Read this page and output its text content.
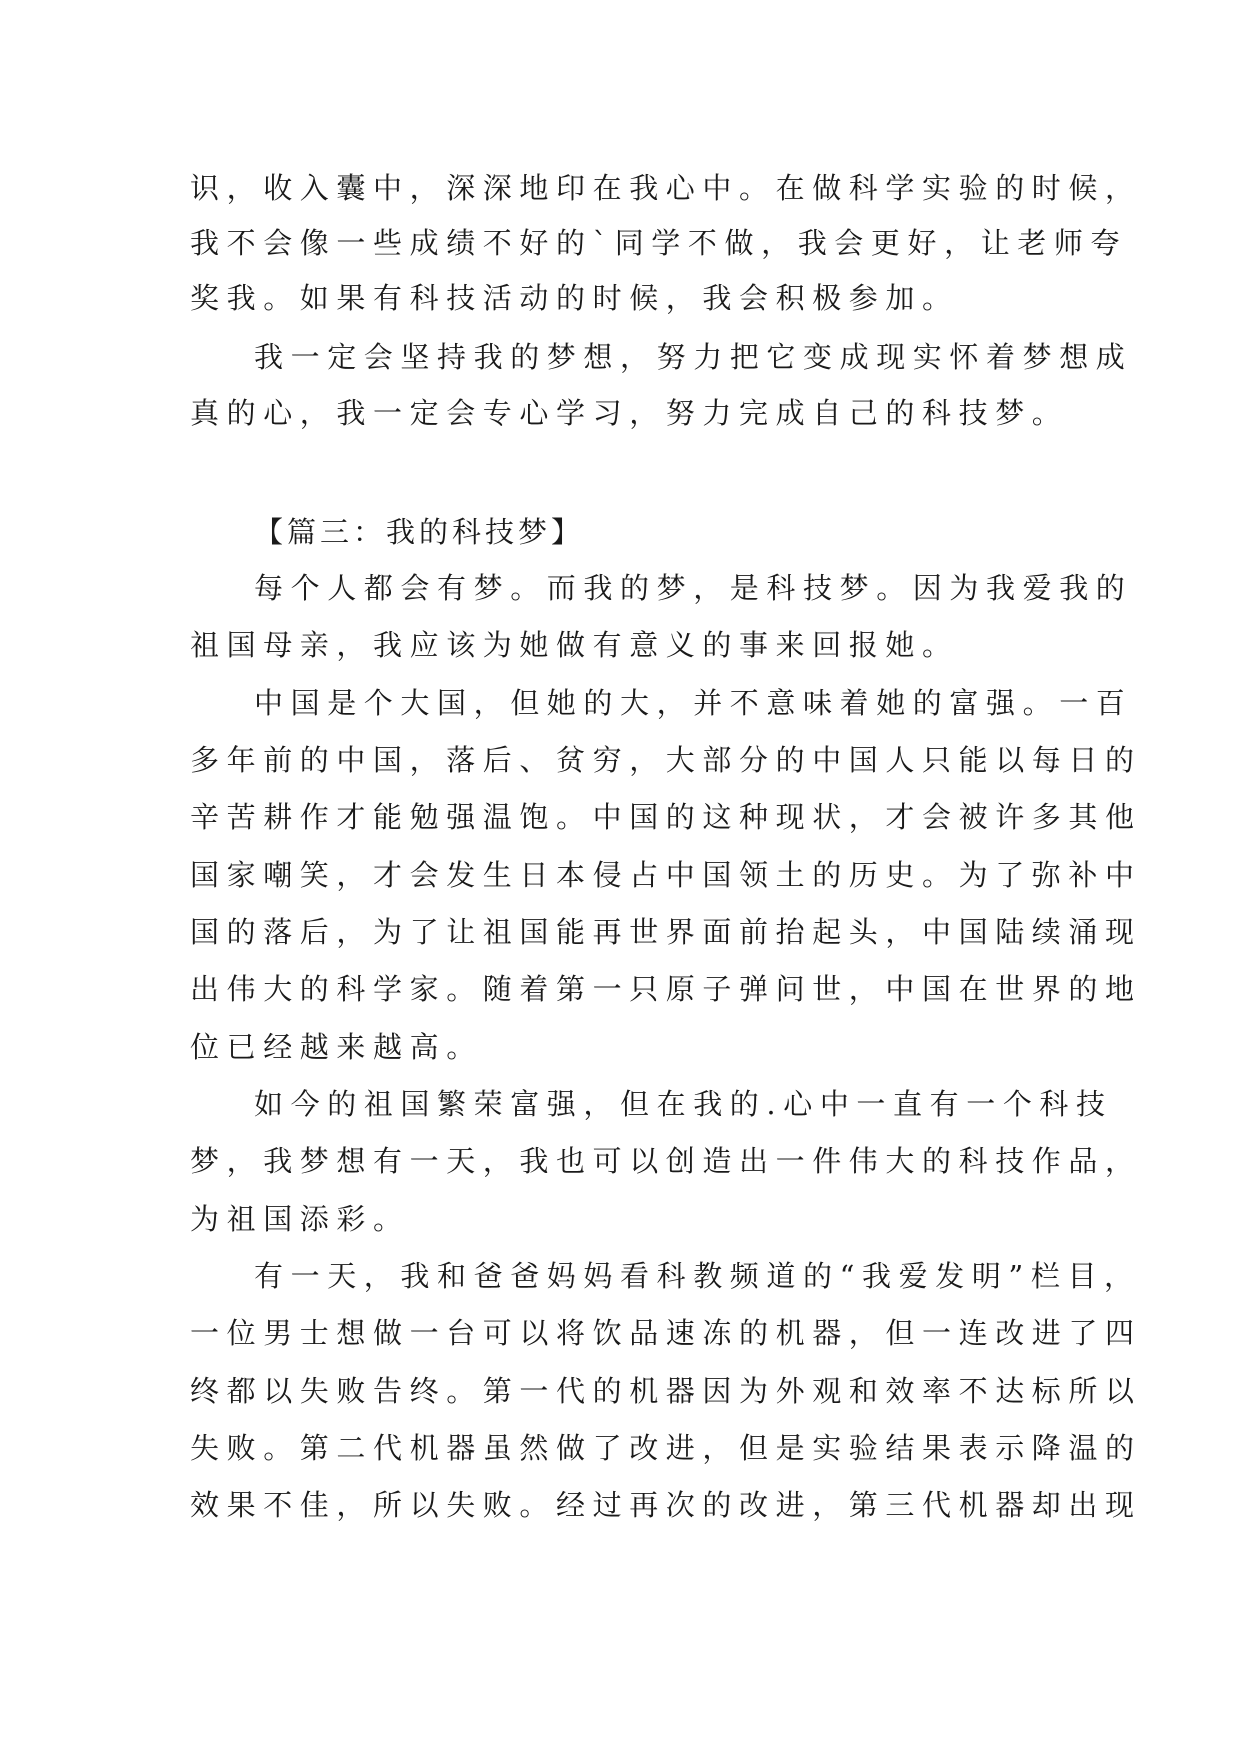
识，收入囊中，深深地印在我心中。在做科学实验的时候，
我不会像一些成绩不好的`同学不做，我会更好，让老师夸
奖我。如果有科技活动的时候，我会积极参加。
我一定会坚持我的梦想，努力把它变成现实怀着梦想成
真的心，我一定会专心学习，努力完成自己的科技梦。
【篇三：我的科技梦】
每个人都会有梦。而我的梦，是科技梦。因为我爱我的
祖国母亲，我应该为她做有意义的事来回报她。
中国是个大国，但她的大，并不意味着她的富强。一百
多年前的中国，落后、贫穷，大部分的中国人只能以每日的
辛苦耕作才能勉强温饱。中国的这种现状，才会被许多其他
国家嘲笑，才会发生日本侵占中国领土的历史。为了弥补中
国的落后，为了让祖国能再世界面前抬起头，中国陆续涌现
出伟大的科学家。随着第一只原子弹问世，中国在世界的地
位已经越来越高。
如今的祖国繁荣富强，但在我的.心中一直有一个科技
梦，我梦想有一天，我也可以创造出一件伟大的科技作品，
为祖国添彩。
有一天，我和爸爸妈妈看科教频道的“我爱发明”栏目，
一位男士想做一台可以将饮品速冻的机器，但一连改进了四
终都以失败告终。第一代的机器因为外观和效率不达标所以
失败。第二代机器虽然做了改进，但是实验结果表示降温的
效果不佳，所以失败。经过再次的改进，第三代机器却出现
